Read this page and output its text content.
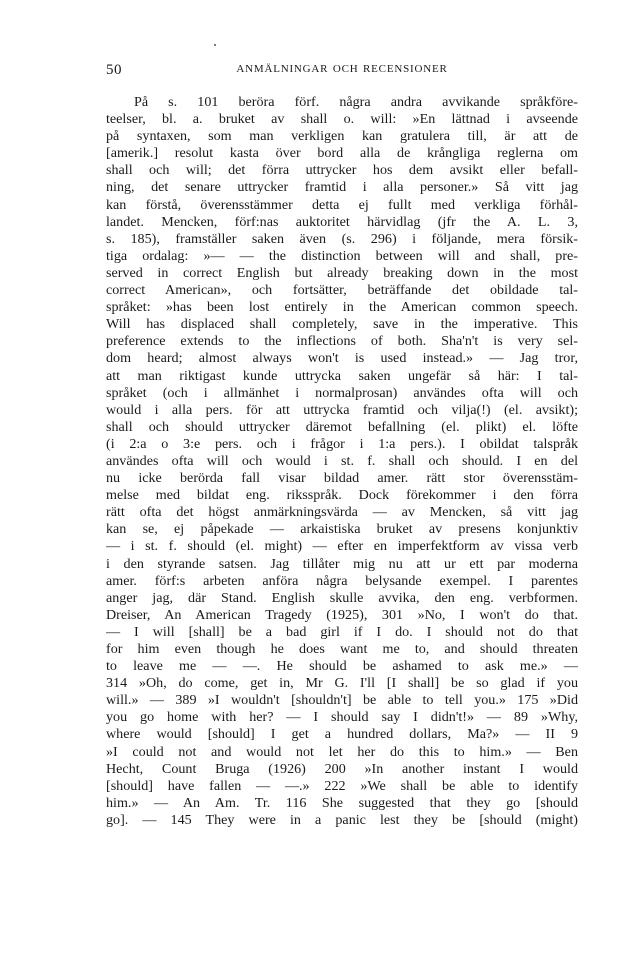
50	ANMÄLNINGAR OCH RECENSIONER
På s. 101 beröra förf. några andra avvikande språkföre-
teelser, bl. a. bruket av shall o. will: »En lättnad i avseende
på syntaxen, som man verkligen kan gratulera till, är att de
[amerik.] resolut kasta över bord alla de krångliga reglerna om
shall och will; det förra uttrycker hos dem avsikt eller befall-
ning, det senare uttrycker framtid i alla personer.» Så vitt jag
kan förstå, överensstämmer detta ej fullt med verkliga förhål-
landet. Mencken, förf:nas auktoritet härvidlag (jfr the A. L. 3,
s. 185), framställer saken även (s. 296) i följande, mera försik-
tiga ordalag: »— — the distinction between will and shall, pre-
served in correct English but already breaking down in the most
correct American», och fortsätter, beträffande det obildade tal-
språket: »has been lost entirely in the American common speech.
Will has displaced shall completely, save in the imperative. This
preference extends to the inflections of both. Sha'n't is very sel-
dom heard; almost always won't is used instead.» — Jag tror,
att man riktigast kunde uttrycka saken ungefär så här: I tal-
språket (och i allmänhet i normalprosan) användes ofta will och
would i alla pers. för att uttrycka framtid och vilja(!) (el. avsikt);
shall och should uttrycker däremot befallning (el. plikt) el. löfte
(i 2:a o 3:e pers. och i frågor i 1:a pers.). I obildat talspråk
användes ofta will och would i st. f. shall och should. I en del
nu icke berörda fall visar bildad amer. rätt stor överensstäm-
melse med bildat eng. riksspråk. Dock förekommer i den förra
rätt ofta det högst anmärkningsvärda — av Mencken, så vitt jag
kan se, ej påpekade — arkaistiska bruket av presens konjunktiv
— i st. f. should (el. might) — efter en imperfektform av vissa verb
i den styrande satsen. Jag tillåter mig nu att ur ett par moderna
amer. förf:s arbeten anföra några belysande exempel. I parentes
anger jag, där Stand. English skulle avvika, den eng. verbformen.
Dreiser, An American Tragedy (1925), 301 »No, I won't do that.
— I will [shall] be a bad girl if I do. I should not do that
for him even though he does want me to, and should threaten
to leave me — —. He should be ashamed to ask me.» —
314 »Oh, do come, get in, Mr G. I'll [I shall] be so glad if you
will.» — 389 »I wouldn't [shouldn't] be able to tell you.» 175 »Did
you go home with her? — I should say I didn't!» — 89 »Why,
where would [should] I get a hundred dollars, Ma?» — II 9
»I could not and would not let her do this to him.» — Ben
Hecht, Count Bruga (1926) 200 »In another instant I would
[should] have fallen — —.» 222 »We shall be able to identify
him.» — An Am. Tr. 116 She suggested that they go [should
go]. — 145 They were in a panic lest they be [should (might)
